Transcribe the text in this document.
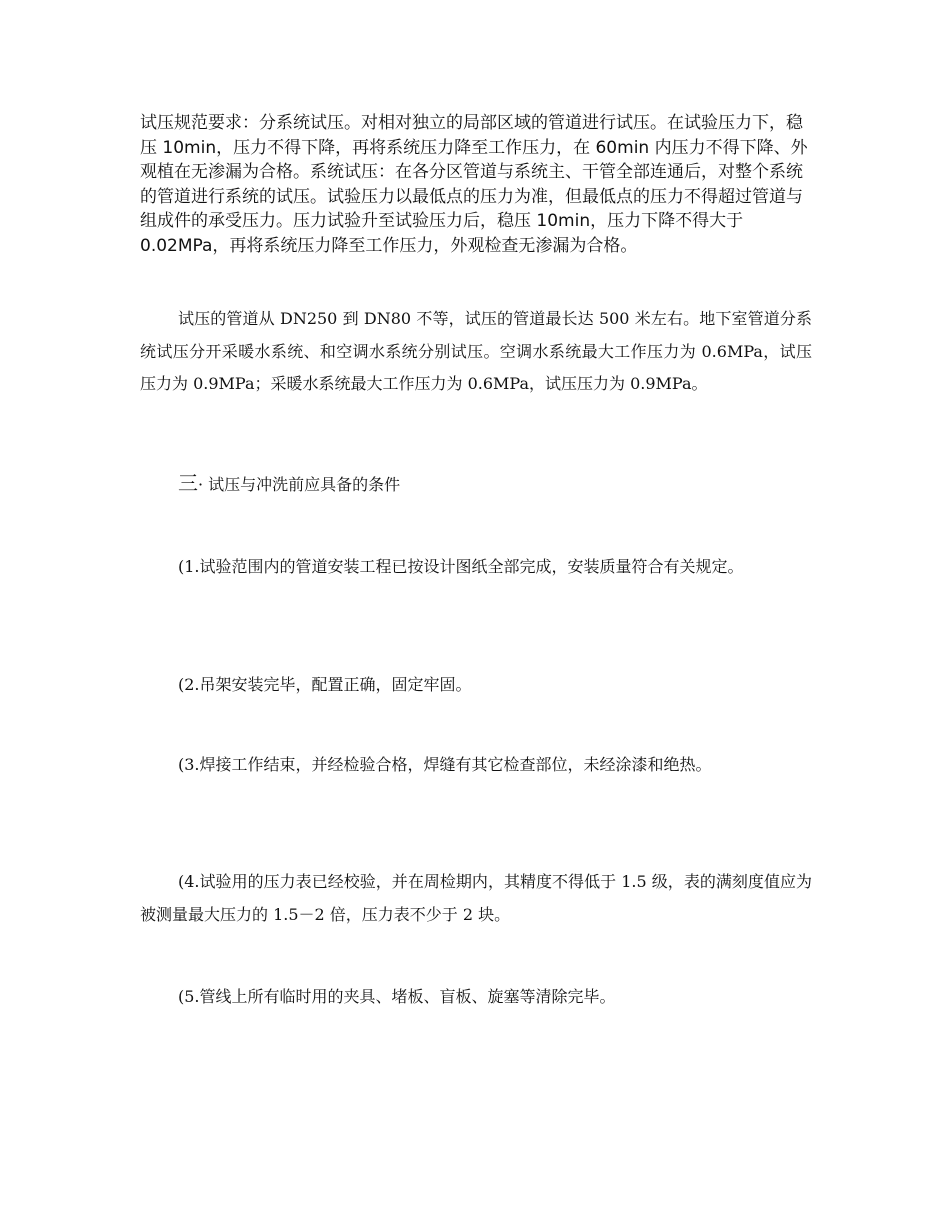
试压规范要求：分系统试压。对相对独立的局部区域的管道进行试压。在试验压力下，稳压 10min，压力不得下降，再将系统压力降至工作压力，在 60min 内压力不得下降、外观植在无渗漏为合格。系统试压：在各分区管道与系统主、干管全部连通后，对整个系统的管道进行系统的试压。试验压力以最低点的压力为准，但最低点的压力不得超过管道与组成件的承受压力。压力试验升至试验压力后，稳压 10min，压力下降不得大于 0.02MPa，再将系统压力降至工作压力，外观检查无渗漏为合格。

试压的管道从 DN250 到 DN80 不等，试压的管道最长达 500 米左右。地下室管道分系统试压分开采暖水系统、和空调水系统分别试压。空调水系统最大工作压力为 0.6MPa，试压压力为 0.9MPa；采暖水系统最大工作压力为 0.6MPa，试压压力为 0.9MPa。

三· 试压与冲洗前应具备的条件

(1.试验范围内的管道安装工程已按设计图纸全部完成，安装质量符合有关规定。

(2.吊架安装完毕，配置正确，固定牢固。

(3.焊接工作结束，并经检验合格，焊缝有其它检查部位，未经涂漆和绝热。

(4.试验用的压力表已经校验，并在周检期内，其精度不得低于 1.5 级，表的满刻度值应为被测量最大压力的 1.5－2 倍，压力表不少于 2 块。

(5.管线上所有临时用的夹具、堵板、盲板、旋塞等清除完毕。
